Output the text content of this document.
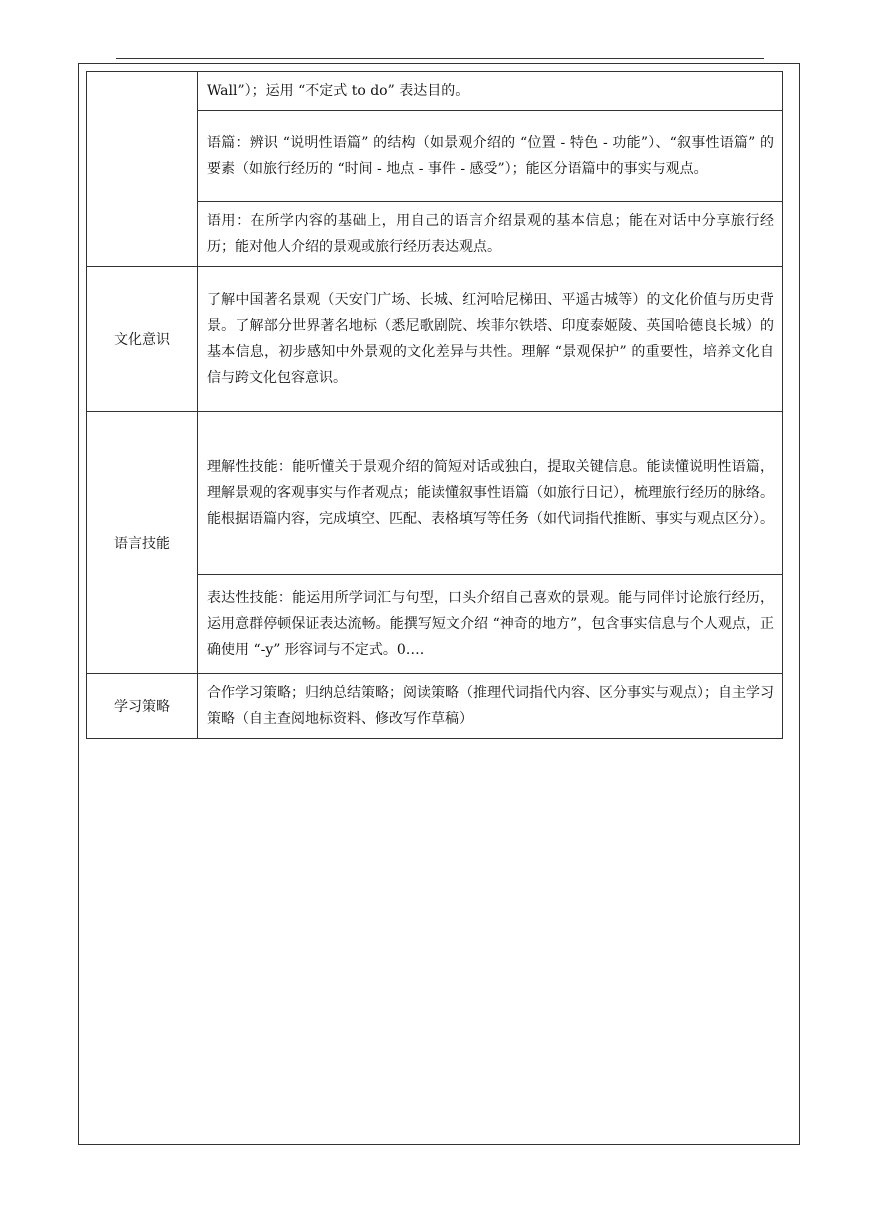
	Wall”）；运用 “不定式 to do” 表达目的。
	语篇：辨识 “说明性语篇” 的结构（如景观介绍的 “位置 - 特色 - 功能”）、“叙事性语篇” 的要素（如旅行经历的 “时间 - 地点 - 事件 - 感受”）；能区分语篇中的事实与观点。
	语用：在所学内容的基础上，用自己的语言介绍景观的基本信息；能在对话中分享旅行经历；能对他人介绍的景观或旅行经历表达观点。
文化意识	了解中国著名景观（天安门广场、长城、红河哈尼梯田、平遥古城等）的文化价值与历史背景。了解部分世界著名地标（悉尼歌剧院、埃菲尔铁塔、印度泰姬陵、英国哈德良长城）的基本信息，初步感知中外景观的文化差异与共性。理解 “景观保护” 的重要性，培养文化自信与跨文化包容意识。
语言技能	理解性技能：能听懂关于景观介绍的简短对话或独白，提取关键信息。能读懂说明性语篇，理解景观的客观事实与作者观点；能读懂叙事性语篇（如旅行日记），梳理旅行经历的脉络。能根据语篇内容，完成填空、匹配、表格填写等任务（如代词指代推断、事实与观点区分）。
	表达性技能：能运用所学词汇与句型，口头介绍自己喜欢的景观。能与同伴讨论旅行经历，运用意群停顿保证表达流畅。能撰写短文介绍 “神奇的地方”，包含事实信息与个人观点，正确使用 “-y” 形容词与不定式。0….
学习策略	合作学习策略；归纳总结策略；阅读策略（推理代词指代内容、区分事实与观点）；自主学习策略（自主查阅地标资料、修改写作草稿）
